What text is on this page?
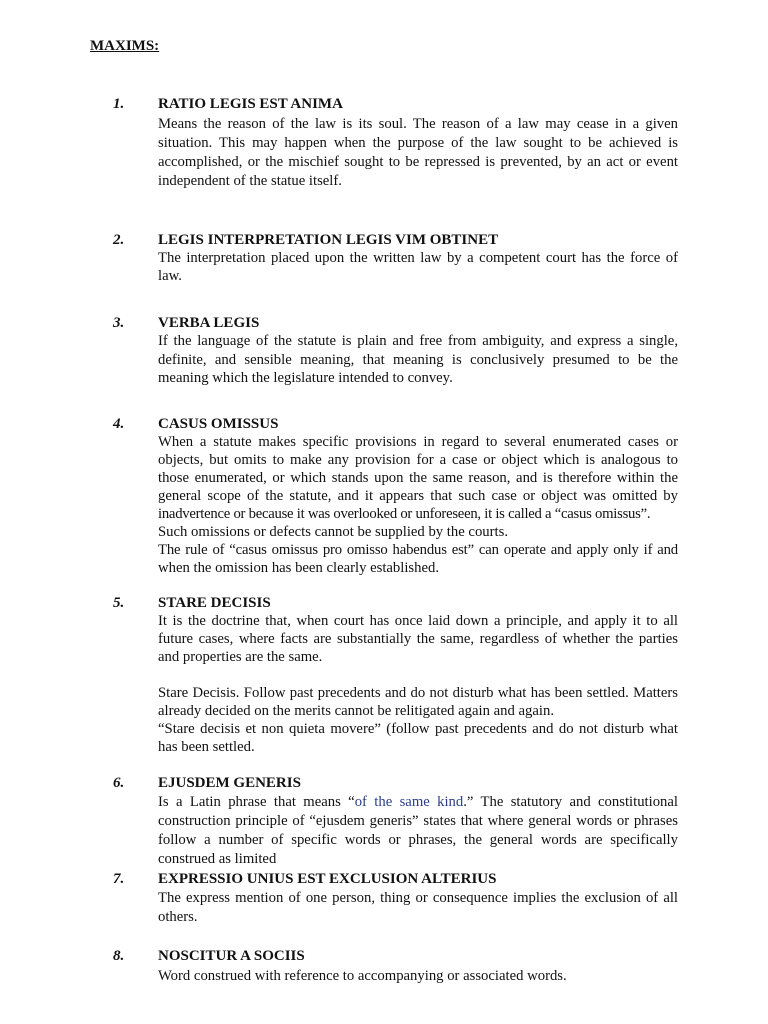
MAXIMS:
1. RATIO LEGIS EST ANIMA
Means the reason of the law is its soul. The reason of a law may cease in a given
situation. This may happen when the purpose of the law sought to be achieved is
accomplished, or the mischief sought to be repressed is prevented, by an act or event
independent of the statue itself.
2. LEGIS INTERPRETATION LEGIS VIM OBTINET
The interpretation placed upon the written law by a competent court has the force of
law.
3. VERBA LEGIS
If the language of the statute is plain and free from ambiguity, and express a single,
definite, and sensible meaning, that meaning is conclusively presumed to be the
meaning which the legislature intended to convey.
4. CASUS OMISSUS
When a statute makes specific provisions in regard to several enumerated cases or
objects, but omits to make any provision for a case or object which is analogous to
those enumerated, or which stands upon the same reason, and is therefore within the
general scope of the statute, and it appears that such case or object was omitted by
inadvertence or because it was overlooked or unforeseen, it is called a “casus omissus”.
Such omissions or defects cannot be supplied by the courts.
The rule of “casus omissus pro omisso habendus est” can operate and apply only if and
when the omission has been clearly established.
5. STARE DECISIS
It is the doctrine that, when court has once laid down a principle, and apply it to all
future cases, where facts are substantially the same, regardless of whether the parties
and properties are the same.
Stare Decisis. Follow past precedents and do not disturb what has been settled. Matters
already decided on the merits cannot be relitigated again and again.
“Stare decisis et non quieta movere” (follow past precedents and do not disturb what
has been settled.
6. EJUSDEM GENERIS
Is a Latin phrase that means “of the same kind.” The statutory and constitutional
construction principle of “ejusdem generis” states that where general words or phrases
follow a number of specific words or phrases, the general words are specifically
construed as limited
7. EXPRESSIO UNIUS EST EXCLUSION ALTERIUS
The express mention of one person, thing or consequence implies the exclusion of all
others.
8. NOSCITUR A SOCIIS
Word construed with reference to accompanying or associated words.
